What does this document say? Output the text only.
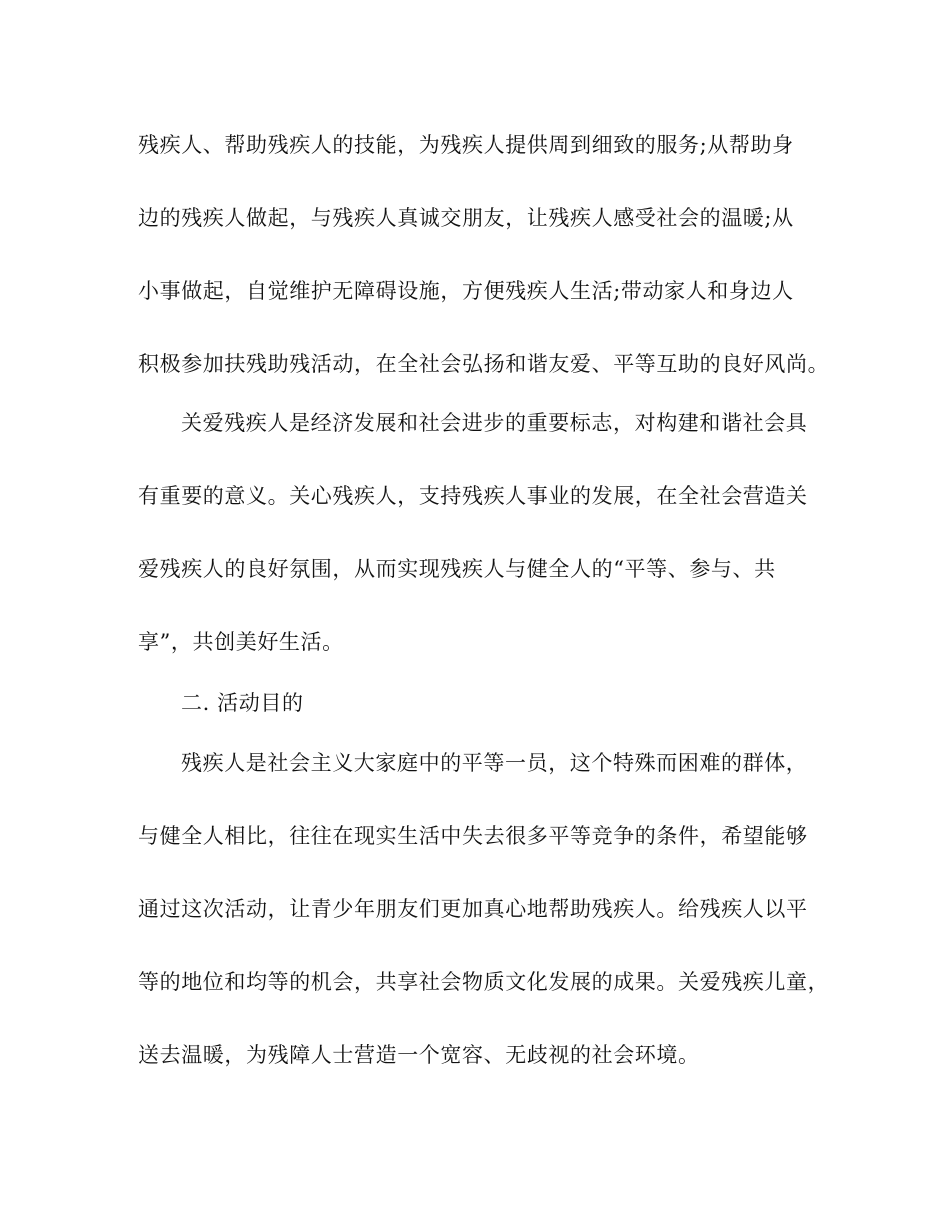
残疾人、帮助残疾人的技能，为残疾人提供周到细致的服务;从帮助身
边的残疾人做起，与残疾人真诚交朋友，让残疾人感受社会的温暖;从
小事做起，自觉维护无障碍设施，方便残疾人生活;带动家人和身边人
积极参加扶残助残活动，在全社会弘扬和谐友爱、平等互助的良好风尚。
关爱残疾人是经济发展和社会进步的重要标志，对构建和谐社会具
有重要的意义。关心残疾人，支持残疾人事业的发展，在全社会营造关
爱残疾人的良好氛围，从而实现残疾人与健全人的“平等、参与、共
享”，共创美好生活。
二. 活动目的
残疾人是社会主义大家庭中的平等一员，这个特殊而困难的群体，
与健全人相比，往往在现实生活中失去很多平等竞争的条件，希望能够
通过这次活动，让青少年朋友们更加真心地帮助残疾人。给残疾人以平
等的地位和均等的机会，共享社会物质文化发展的成果。关爱残疾儿童，
送去温暖，为残障人士营造一个宽容、无歧视的社会环境。
